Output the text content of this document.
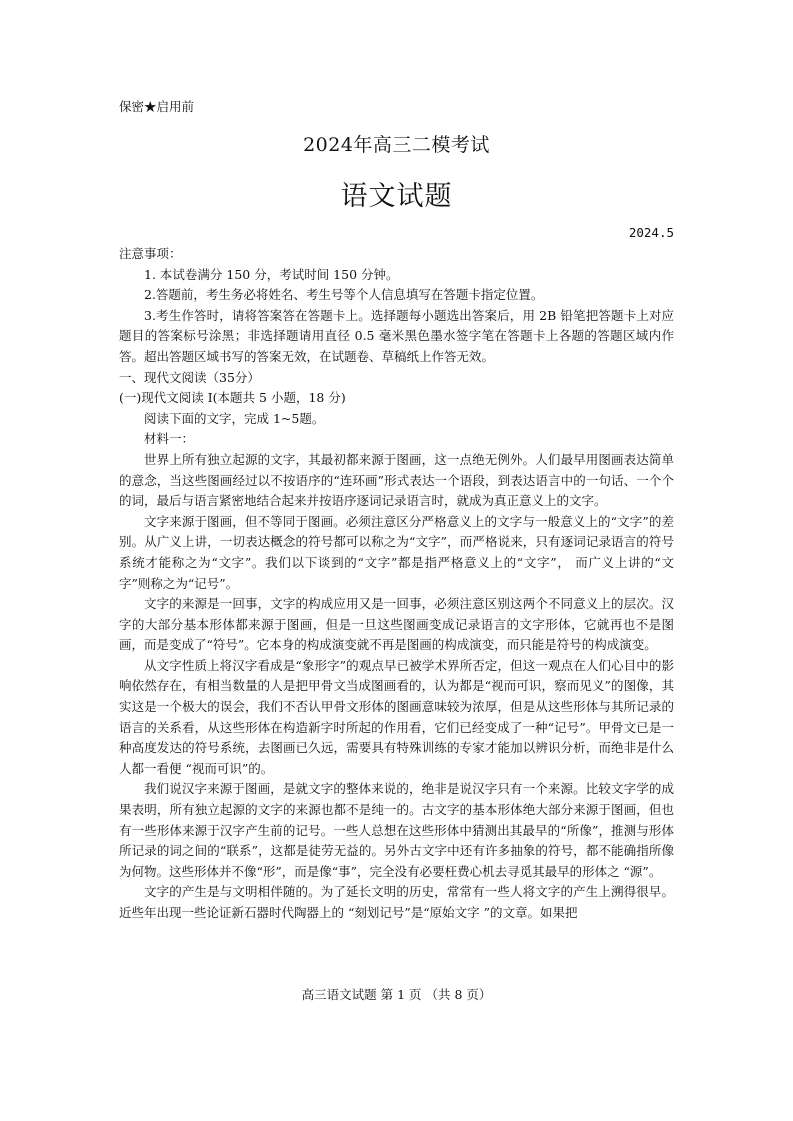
保密★启用前
2024年高三二模考试
语文试题
2024.5

注意事项：

1. 本试卷满分 150 分，考试时间 150 分钟。

2.答题前，考生务必将姓名、考生号等个人信息填写在答题卡指定位置。

3.考生作答时，请将答案答在答题卡上。选择题每小题选出答案后，用 2B 铅笔把答题卡上对应题目的答案标号涂黑；非选择题请用直径 0.5 毫米黑色墨水签字笔在答题卡上各题的答题区域内作答。超出答题区域书写的答案无效，在试题卷、草稿纸上作答无效。

一、现代文阅读（35分）

(一)现代文阅读 I(本题共 5 小题，18 分)

阅读下面的文字，完成 1~5题。

材料一：

世界上所有独立起源的文字，其最初都来源于图画，这一点绝无例外。人们最早用图画表达简单的意念，当这些图画经过以不按语序的“连环画”形式表达一个语段，到表达语言中的一句话、一个个的词，最后与语言紧密地结合起来并按语序逐词记录语言时，就成为真正意义上的文字。

文字来源于图画，但不等同于图画。必须注意区分严格意义上的文字与一般意义上的“文字”的差别。从广义上讲，一切表达概念的符号都可以称之为“文字”，而严格说来，只有逐词记录语言的符号系统才能称之为“文字”。我们以下谈到的“文字”都是指严格意义上的“文字”， 而广义上讲的“文字”则称之为“记号”。

文字的来源是一回事，文字的构成应用又是一回事，必须注意区别这两个不同意义上的层次。汉字的大部分基本形体都来源于图画，但是一旦这些图画变成记录语言的文字形体，它就再也不是图画，而是变成了“符号”。它本身的构成演变就不再是图画的构成演变，而只能是符号的构成演变。

从文字性质上将汉字看成是“象形字”的观点早已被学术界所否定，但这一观点在人们心目中的影响依然存在，有相当数量的人是把甲骨文当成图画看的，认为都是“视而可识，察而见义”的图像，其实这是一个极大的误会，我们不否认甲骨文形体的图画意味较为浓厚，但是从这些形体与其所记录的语言的关系看，从这些形体在构造新字时所起的作用看，它们已经变成了一种“记号”。甲骨文已是一种高度发达的符号系统，去图画已久远，需要具有特殊训练的专家才能加以辨识分析，而绝非是什么人都一看便 “视而可识”的。

我们说汉字来源于图画，是就文字的整体来说的，绝非是说汉字只有一个来源。比较文字学的成果表明，所有独立起源的文字的来源也都不是纯一的。古文字的基本形体绝大部分来源于图画，但也有一些形体来源于汉字产生前的记号。一些人总想在这些形体中猜测出其最早的“所像”，推测与形体所记录的词之间的“联系”，这都是徒劳无益的。另外古文字中还有许多抽象的符号，都不能确指所像为何物。这些形体并不像“形”，而是像“事”，完全没有必要枉费心机去寻觅其最早的形体之 “源”。

文字的产生是与文明相伴随的。为了延长文明的历史，常常有一些人将文字的产生上溯得很早。近些年出现一些论证新石器时代陶器上的 “刻划记号”是“原始文字 ”的文章。如果把

高三语文试题 第 1 页 （共 8 页）
